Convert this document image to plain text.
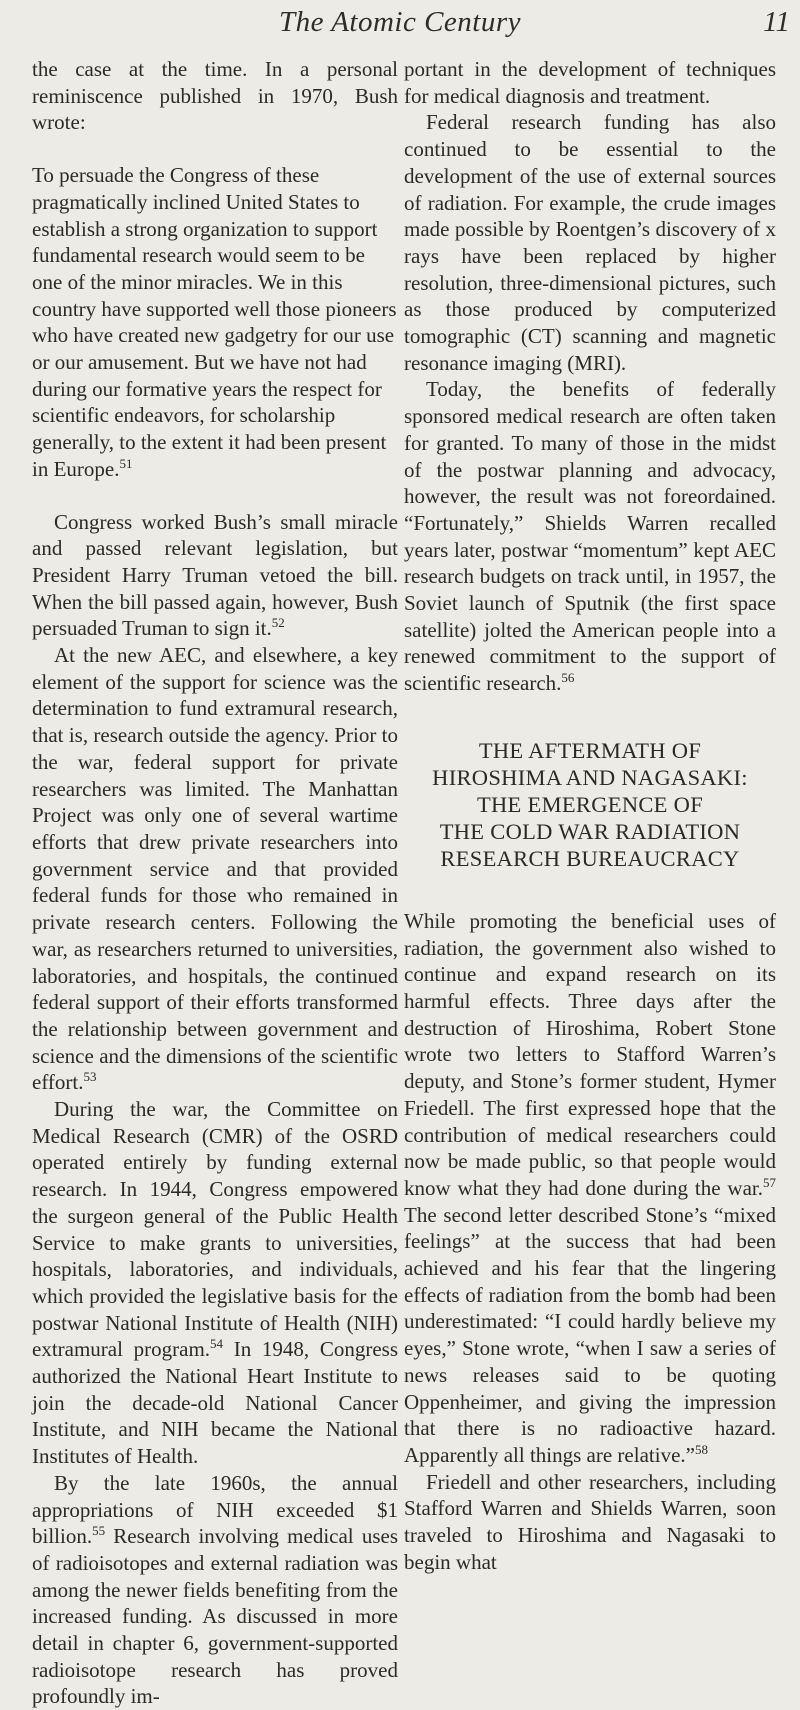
The Atomic Century	11

the case at the time. In a personal reminiscence published in 1970, Bush wrote:

To persuade the Congress of these pragmatically inclined United States to establish a strong organization to support fundamental research would seem to be one of the minor miracles. We in this country have supported well those pioneers who have created new gadgetry for our use or our amusement. But we have not had during our formative years the respect for scientific endeavors, for scholarship generally, to the extent it had been present in Europe.$^{51}$

Congress worked Bush’s small miracle and passed relevant legislation, but President Harry Truman vetoed the bill. When the bill passed again, however, Bush persuaded Truman to sign it.$^{52}$

At the new AEC, and elsewhere, a key element of the support for science was the determination to fund extramural research, that is, research outside the agency. Prior to the war, federal support for private researchers was limited. The Manhattan Project was only one of several wartime efforts that drew private researchers into government service and that provided federal funds for those who remained in private research centers. Following the war, as researchers returned to universities, laboratories, and hospitals, the continued federal support of their efforts transformed the relationship between government and science and the dimensions of the scientific effort.$^{53}$

During the war, the Committee on Medical Research (CMR) of the OSRD operated entirely by funding external research. In 1944, Congress empowered the surgeon general of the Public Health Service to make grants to universities, hospitals, laboratories, and individuals, which provided the legislative basis for the postwar National Institute of Health (NIH) extramural program.$^{54}$ In 1948, Congress authorized the National Heart Institute to join the decade-old National Cancer Institute, and NIH became the National Institutes of Health.

By the late 1960s, the annual appropriations of NIH exceeded $1 billion.$^{55}$ Research involving medical uses of radioisotopes and external radiation was among the newer fields benefiting from the increased funding. As discussed in more detail in chapter 6, government-supported radioisotope research has proved profoundly im-

portant in the development of techniques for medical diagnosis and treatment.

Federal research funding has also continued to be essential to the development of the use of external sources of radiation. For example, the crude images made possible by Roentgen’s discovery of x rays have been replaced by higher resolution, three-dimensional pictures, such as those produced by computerized tomographic (CT) scanning and magnetic resonance imaging (MRI).

Today, the benefits of federally sponsored medical research are often taken for granted. To many of those in the midst of the postwar planning and advocacy, however, the result was not foreordained. “Fortunately,” Shields Warren recalled years later, postwar “momentum” kept AEC research budgets on track until, in 1957, the Soviet launch of Sputnik (the first space satellite) jolted the American people into a renewed commitment to the support of scientific research.$^{56}$

THE AFTERMATH OF
HIROSHIMA AND NAGASAKI:
THE EMERGENCE OF
THE COLD WAR RADIATION
RESEARCH BUREAUCRACY

While promoting the beneficial uses of radiation, the government also wished to continue and expand research on its harmful effects. Three days after the destruction of Hiroshima, Robert Stone wrote two letters to Stafford Warren’s deputy, and Stone’s former student, Hymer Friedell. The first expressed hope that the contribution of medical researchers could now be made public, so that people would know what they had done during the war.$^{57}$ The second letter described Stone’s “mixed feelings” at the success that had been achieved and his fear that the lingering effects of radiation from the bomb had been underestimated: “I could hardly believe my eyes,” Stone wrote, “when I saw a series of news releases said to be quoting Oppenheimer, and giving the impression that there is no radioactive hazard. Apparently all things are relative.”$^{58}$

Friedell and other researchers, including Stafford Warren and Shields Warren, soon traveled to Hiroshima and Nagasaki to begin what
